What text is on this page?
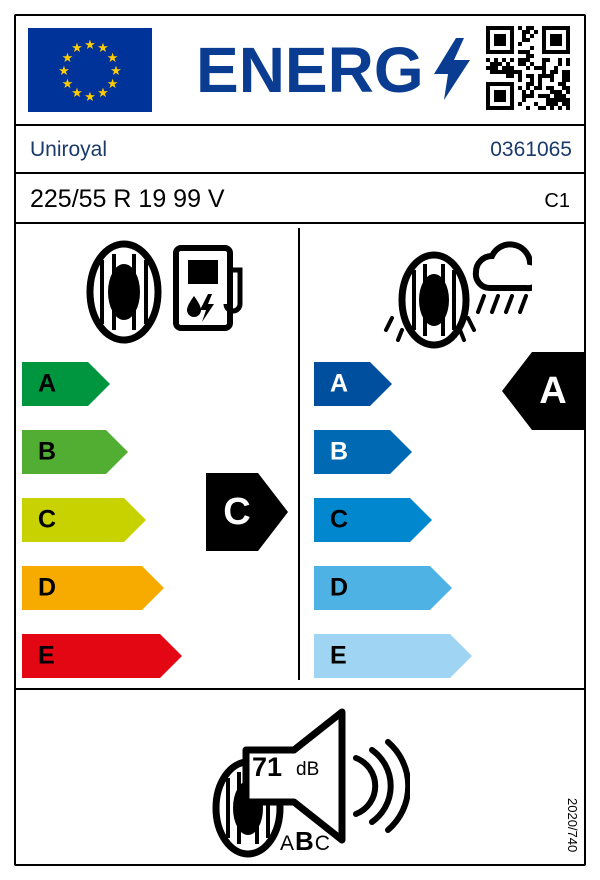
★ ★
★
★
★
★
★
★
★
★
★
★ ENERG
Uniroyal	0361065
225/55 R 19 99 V	C1
A
B
C
D
E
C
A
B
C
D
E
A
71 dB
ABC	2020/740
